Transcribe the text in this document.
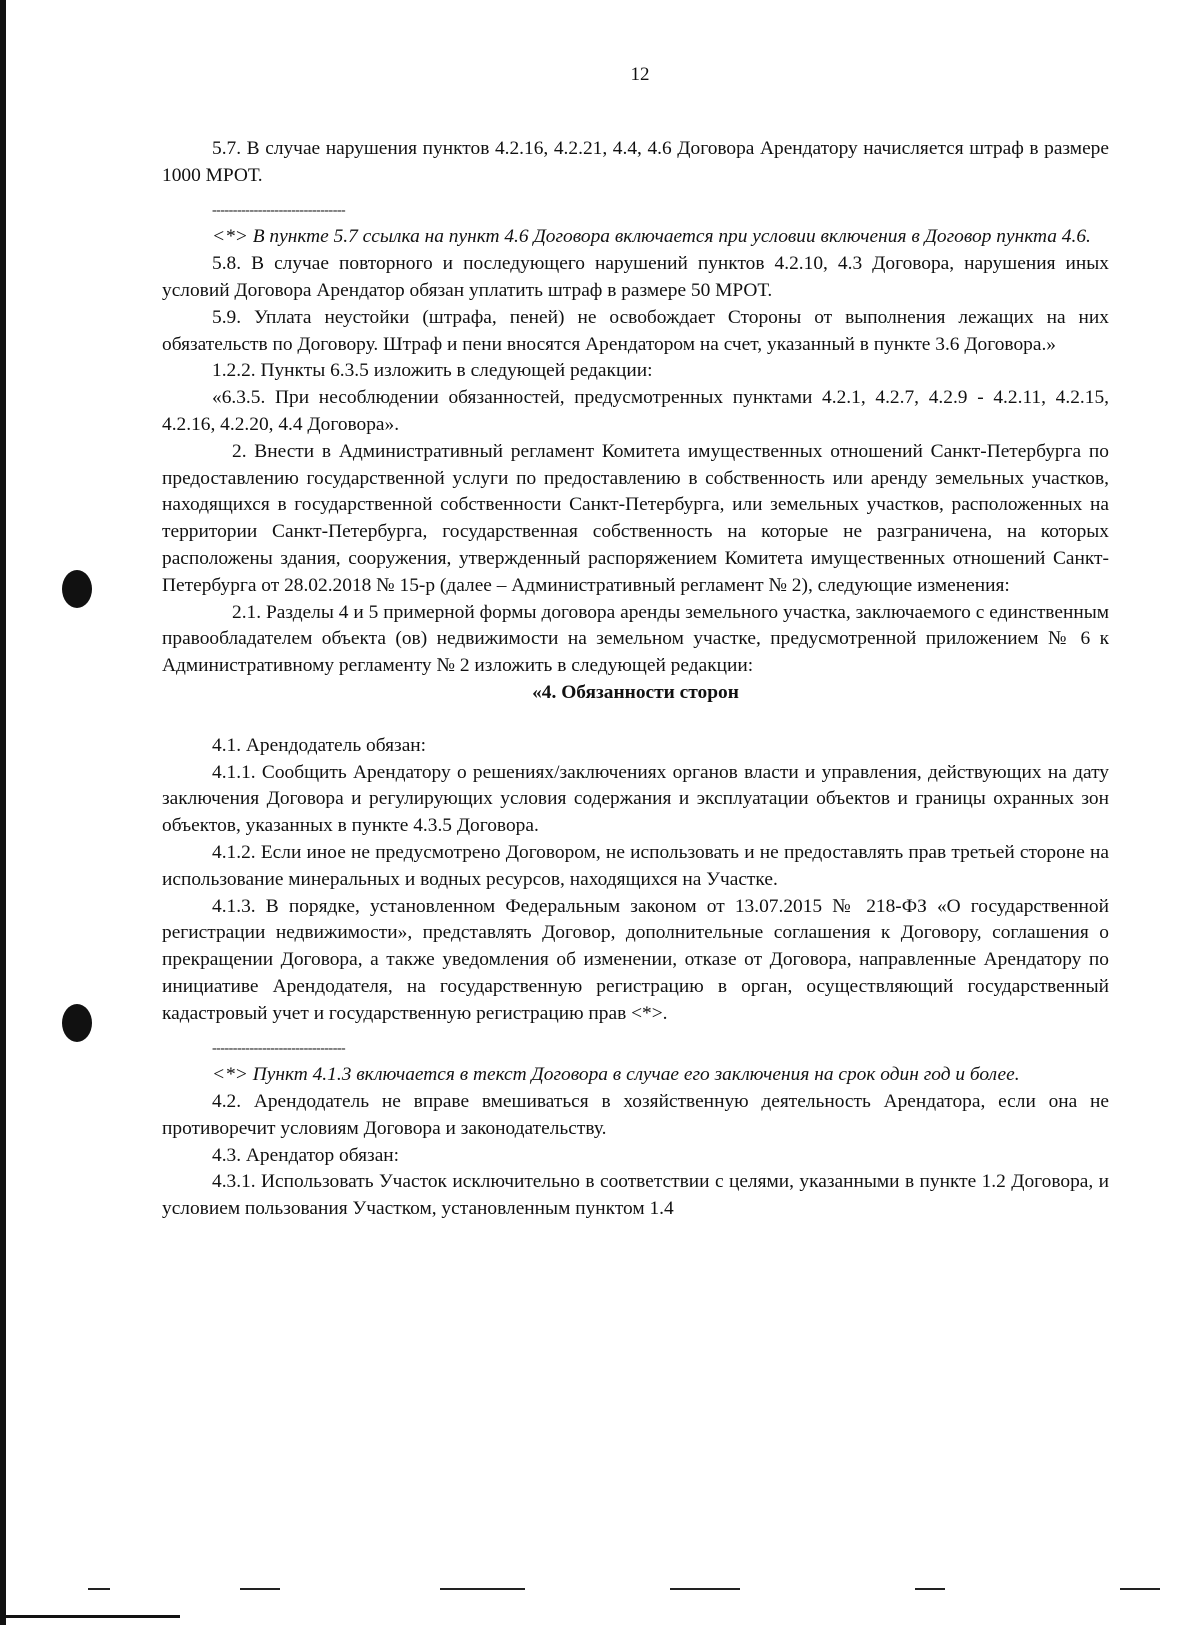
12

5.7. В случае нарушения пунктов 4.2.16, 4.2.21, 4.4, 4.6 Договора Арендатору начисляется штраф в размере 1000 МРОТ.

--------------------------------

<*> В пункте 5.7 ссылка на пункт 4.6 Договора включается при условии включения в Договор пункта 4.6.

5.8. В случае повторного и последующего нарушений пунктов 4.2.10, 4.3 Договора, нарушения иных условий Договора Арендатор обязан уплатить штраф в размере 50 МРОТ.

5.9. Уплата неустойки (штрафа, пеней) не освобождает Стороны от выполнения лежащих на них обязательств по Договору. Штраф и пени вносятся Арендатором на счет, указанный в пункте 3.6 Договора.»

1.2.2. Пункты 6.3.5 изложить в следующей редакции:

«6.3.5. При несоблюдении обязанностей, предусмотренных пунктами 4.2.1, 4.2.7, 4.2.9 - 4.2.11, 4.2.15, 4.2.16, 4.2.20, 4.4 Договора».

2. Внести в Административный регламент Комитета имущественных отношений Санкт-Петербурга по предоставлению государственной услуги по предоставлению в собственность или аренду земельных участков, находящихся в государственной собственности Санкт-Петербурга, или земельных участков, расположенных на территории Санкт-Петербурга, государственная собственность на которые не разграничена, на которых расположены здания, сооружения, утвержденный распоряжением Комитета имущественных отношений Санкт-Петербурга от 28.02.2018 № 15-р (далее – Административный регламент № 2), следующие изменения:

2.1. Разделы 4 и 5 примерной формы договора аренды земельного участка, заключаемого с единственным правообладателем объекта (ов) недвижимости на земельном участке, предусмотренной приложением № 6 к Административному регламенту № 2 изложить в следующей редакции:

«4. Обязанности сторон

4.1. Арендодатель обязан:

4.1.1. Сообщить Арендатору о решениях/заключениях органов власти и управления, действующих на дату заключения Договора и регулирующих условия содержания и эксплуатации объектов и границы охранных зон объектов, указанных в пункте 4.3.5 Договора.

4.1.2. Если иное не предусмотрено Договором, не использовать и не предоставлять прав третьей стороне на использование минеральных и водных ресурсов, находящихся на Участке.

4.1.3. В порядке, установленном Федеральным законом от 13.07.2015 № 218-ФЗ «О государственной регистрации недвижимости», представлять Договор, дополнительные соглашения к Договору, соглашения о прекращении Договора, а также уведомления об изменении, отказе от Договора, направленные Арендатору по инициативе Арендодателя, на государственную регистрацию в орган, осуществляющий государственный кадастровый учет и государственную регистрацию прав <*>.

--------------------------------

<*> Пункт 4.1.3 включается в текст Договора в случае его заключения на срок один год и более.

4.2. Арендодатель не вправе вмешиваться в хозяйственную деятельность Арендатора, если она не противоречит условиям Договора и законодательству.

4.3. Арендатор обязан:

4.3.1. Использовать Участок исключительно в соответствии с целями, указанными в пункте 1.2 Договора, и условием пользования Участком, установленным пунктом 1.4
